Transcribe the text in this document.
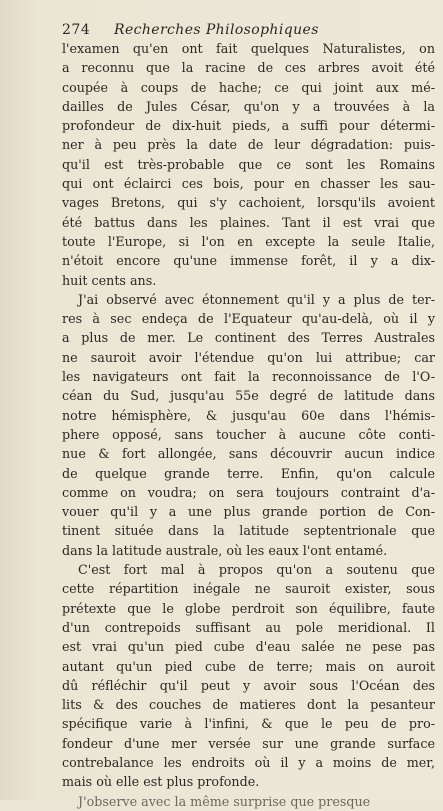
274	Recherches Philosophiques
l'examen qu'en ont fait quelques Naturalistes, on
a reconnu que la racine de ces arbres avoit été
coupée à coups de hache; ce qui joint aux mé-
dailles de Jules César, qu'on y a trouvées à la
profondeur de dix-huit pieds, a suffi pour détermi-
ner à peu près la date de leur dégradation: puis-
qu'il est très-probable que ce sont les Romains
qui ont éclairci ces bois, pour en chasser les sau-
vages Bretons, qui s'y cachoient, lorsqu'ils avoient
été battus dans les plaines. Tant il est vrai que
toute l'Europe, si l'on en excepte la seule Italie,
n'étoit encore qu'une immense forêt, il y a dix-
huit cents ans.
J'ai observé avec étonnement qu'il y a plus de ter-
res à sec endeça de l'Equateur qu'au-delà, où il y
a plus de mer. Le continent des Terres Australes
ne sauroit avoir l'étendue qu'on lui attribue; car
les navigateurs ont fait la reconnoissance de l'O-
céan du Sud, jusqu'au 55e degré de latitude dans
notre hémisphère, & jusqu'au 60e dans l'hémis-
phere opposé, sans toucher à aucune côte conti-
nue & fort allongée, sans découvrir aucun indice
de quelque grande terre. Enfin, qu'on calcule
comme on voudra; on sera toujours contraint d'a-
vouer qu'il y a une plus grande portion de Con-
tinent située dans la latitude septentrionale que
dans la latitude australe, où les eaux l'ont entamé.
C'est fort mal à propos qu'on a soutenu que
cette répartition inégale ne sauroit exister, sous
prétexte que le globe perdroit son équilibre, faute
d'un contrepoids suffisant au pole meridional. Il
est vrai qu'un pied cube d'eau salée ne pese pas
autant qu'un pied cube de terre; mais on auroit
dû réfléchir qu'il peut y avoir sous l'Océan des
lits & des couches de matieres dont la pesanteur
spécifique varie à l'infini, & que le peu de pro-
fondeur d'une mer versée sur une grande surface
contrebalance les endroits où il y a moins de mer,
mais où elle est plus profonde.
J'observe avec la même surprise que presque
